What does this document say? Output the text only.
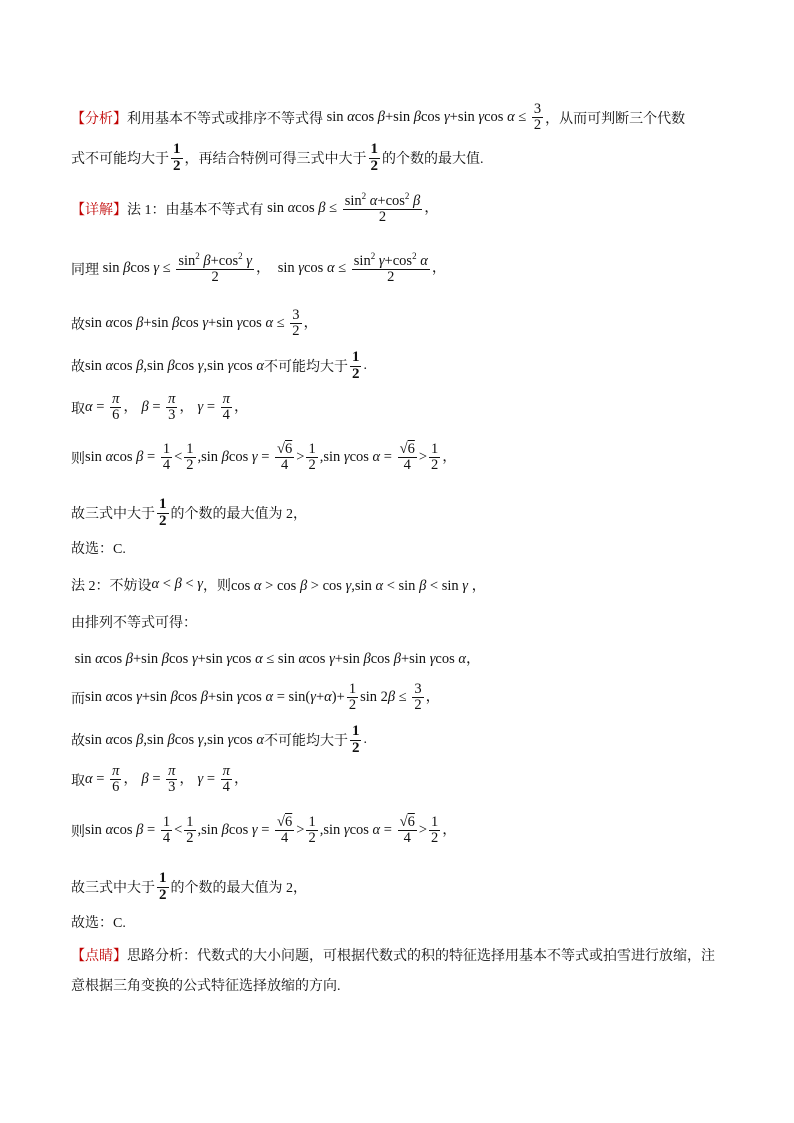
【分析】 利用基本不等式或排序不等式得 sin αcos β+sin βcos γ+sin γcos $\alpha \le \frac{3}{2}$ ，从而可判断三个代数
式不可能均大于 $\frac{1}{2}$ ，再结合特例可得三式中大于 $\frac{1}{2}$ 的个数的最大值.
【详解】 法 1：由基本不等式有 sin αcos $\beta \le \frac{\sin^2 \alpha+\cos^2 \beta}{2}$ ，
同理 sin βcos $\gamma \le \frac{\sin^2 \beta+\cos^2 \gamma}{2}$ ，  sin γcos $\alpha \le \frac{\sin^2 \gamma+\cos^2 \alpha}{2}$ ，
故 sin αcos β+sin βcos γ+sin γcos $\alpha \le \frac{3}{2}$ ，
故 sin αcos β,sin βcos γ,sin γcos α 不可能均大于 $\frac{1}{2}$ .
取 $\alpha = \frac{\pi}{6}$ ， $\beta = \frac{\pi}{3}$ ， $\gamma = \frac{\pi}{4}$ ，
则 sin αcos $\beta = \frac{1}{4} < \frac{1}{2} ,\sin$ βcos $\gamma = \frac{√6}{4} > \frac{1}{2} ,\sin$ γcos $\alpha = \frac{√6}{4} > \frac{1}{2}$ ，
故三式中大于 $\frac{1}{2}$ 的个数的最大值为 2，
故选：C.
法 2：不妨设 α < β < γ ，则 cos α > cos β > cos γ,sin α < sin β < sin γ ，
由排列不等式可得：
sin αcos β+sin βcos γ+sin γcos α ≤ sin αcos γ+sin βcos β+sin γcos α，
而 sin αcos γ+sin βcos β+sin γcos $\alpha = \sin(\gamma+\alpha)+ \frac{1}{2}$ $\sin 2\beta \le \frac{3}{2}$ ，
故 sin αcos β,sin βcos γ,sin γcos α 不可能均大于 $\frac{1}{2}$ .
取 $\alpha = \frac{\pi}{6}$ ， $\beta = \frac{\pi}{3}$ ， $\gamma = \frac{\pi}{4}$ ，
则 sin αcos $\beta = \frac{1}{4} < \frac{1}{2} ,\sin$ βcos $\gamma = \frac{√6}{4} > \frac{1}{2} ,\sin$ γcos $\alpha = \frac{√6}{4} > \frac{1}{2}$ ，
故三式中大于 $\frac{1}{2}$ 的个数的最大值为 2，
故选：C.
【点睛】 思路分析：代数式的大小问题，可根据代数式的积的特征选择用基本不等式或拍雪进行放缩，注
意根据三角变换的公式特征选择放缩的方向.
